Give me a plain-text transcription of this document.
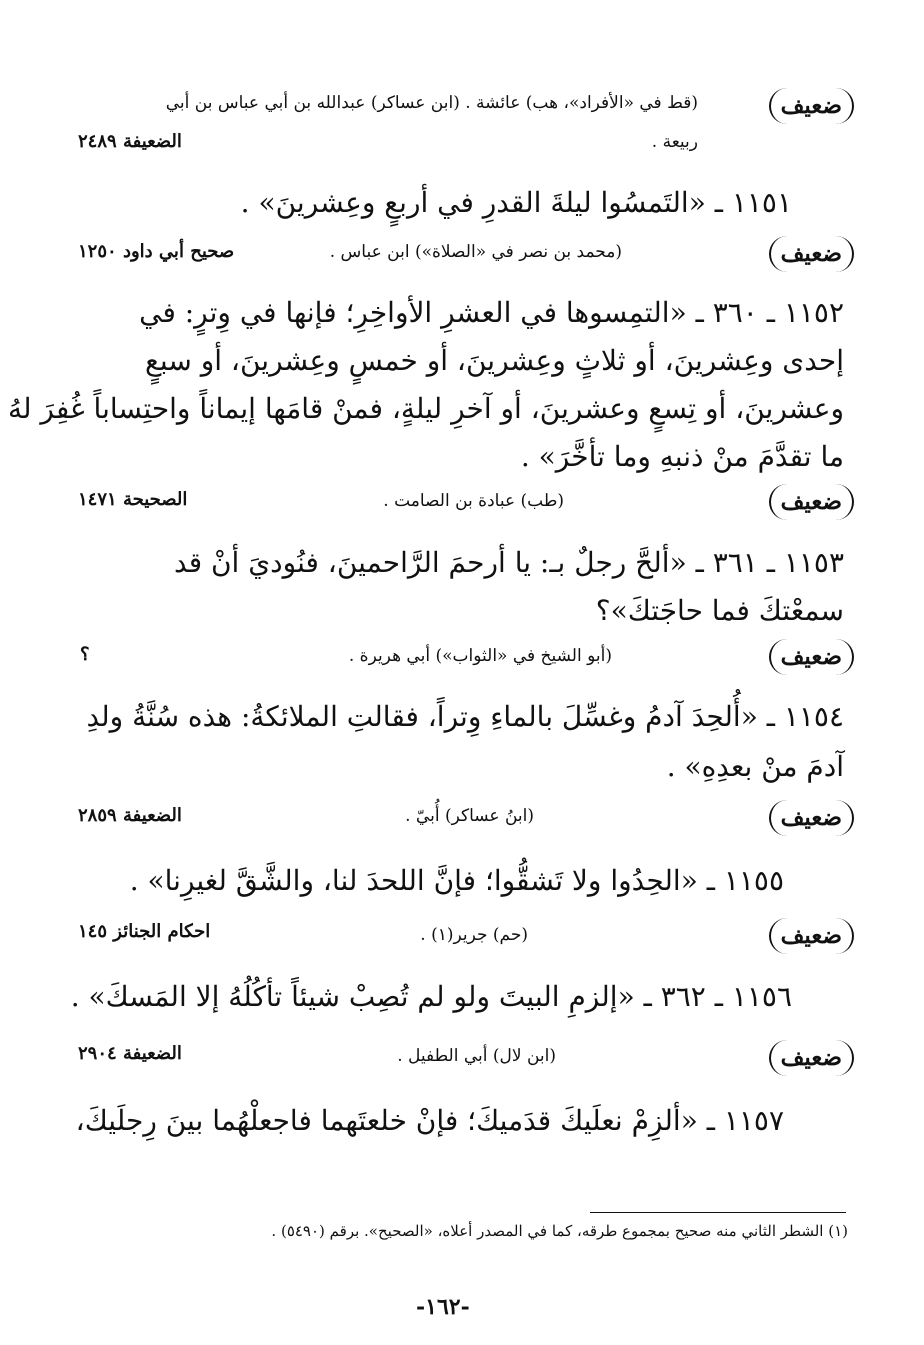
ضعيف
(قط في «الأفراد»، هب) عائشة . (ابن عساكر) عبدالله بن أبي عباس بن أبي
ربيعة .
الضعيفة ٢٤٨٩
١١٥١ ـ «التَمسُوا ليلةَ القدرِ في أربعٍ وعِشرينَ» .
ضعيف
(محمد بن نصر في «الصلاة») ابن عباس .
صحيح أبي داود ١٢٥٠
١١٥٢ ـ ٣٦٠ ـ «التمِسوها في العشرِ الأواخِرِ؛ فإنها في وِترٍ: في
إحدى وعِشرينَ، أو ثلاثٍ وعِشرينَ، أو خمسٍ وعِشرينَ، أو سبعٍ
وعشرينَ، أو تِسعٍ وعشرينَ، أو آخرِ ليلةٍ، فمنْ قامَها إيماناً واحتِساباً غُفِرَ لهُ
ما تقدَّمَ منْ ذنبهِ وما تأخَّرَ» .
ضعيف
(طب) عبادة بن الصامت .
الصحيحة ١٤٧١
١١٥٣ ـ ٣٦١ ـ «ألحَّ رجلٌ بـ: يا أرحمَ الرَّاحمينَ، فنُوديَ أنْ قد
سمعْتكَ فما حاجَتكَ»؟
ضعيف
(أبو الشيخ في «الثواب») أبي هريرة .
؟
١١٥٤ ـ «أُلحِدَ آدمُ وغسِّلَ بالماءِ وِتراً، فقالتِ الملائكةُ: هذه سُنَّةُ ولدِ
آدمَ منْ بعدِهِ» .
ضعيف
(ابنُ عساكر) أُبيّ .
الضعيفة ٢٨٥٩
١١٥٥ ـ «الحِدُوا ولا تَشقُّوا؛ فإنَّ اللحدَ لنا، والشَّقَّ لغيرِنا» .
ضعيف
(حم) جرير(١) .
احكام الجنائز ١٤٥
١١٥٦ ـ ٣٦٢ ـ «إلزمِ البيتَ ولو لم تُصِبْ شيئاً تأكُلُهُ إلا المَسكَ» .
ضعيف
(ابن لال) أبي الطفيل .
الضعيفة ٢٩٠٤
١١٥٧ ـ «ألزِمْ نعلَيكَ قدَميكَ؛ فإنْ خلعتَهما فاجعلْهُما بينَ رِجلَيكَ،
(١) الشطر الثاني منه صحيح بمجموع طرقه، كما في المصدر أعلاه، «الصحيح». برقم (٥٤٩٠) .
-١٦٢-
